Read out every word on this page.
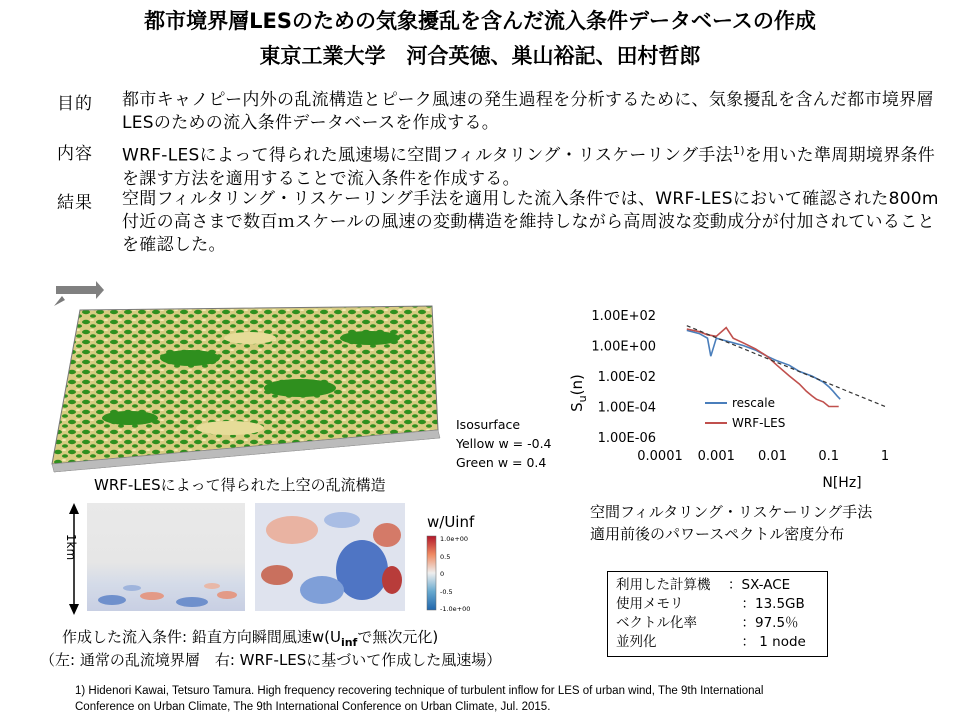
都市境界層LESのための気象擾乱を含んだ流入条件データベースの作成
東京工業大学　河合英徳、巣山裕記、田村哲郎
目的 都市キャノピー内外の乱流構造とピーク風速の発生過程を分析するために、気象擾乱を含んだ都市境界層LESのための流入条件データベースを作成する。
内容 WRF-LESによって得られた風速場に空間フィルタリング・リスケーリング手法$^{1)}$を用いた準周期境界条件を課す方法を適用することで流入条件を作成する。
結果 空間フィルタリング・リスケーリング手法を適用した流入条件では、WRF-LESにおいて確認された800m付近の高さまで数百ｍスケールの風速の変動構造を維持しながら高周波な変動成分が付加されていることを確認した。
Isosurface
Yellow w = -0.4
Green w = 0.4
WRF-LESによって得られた上空の乱流構造
1.00E+02
1.00E+00
1.00E-02
1.00E-04
1.00E-06
0.0001 0.001 0.01 0.1	1
$S_u(n)$
N[Hz]
rescale
WRF-LES
空間フィルタリング・リスケーリング手法
適用前後のパワースペクトル密度分布
1km
w/Uinf
1.0e+00
0.5
0
-0.5
-1.0e+00
作成した流入条件: 鉛直方向瞬間風速$w(U_{inf}$で無次元化)
（左: 通常の乱流境界層　右: WRF-LESに基づいて作成した風速場）
利用した計算機	：SX-ACE
使用メモリ	　：13.5GB
ベクトル化率	　：97.5％
並列化	　： 1 node
1) Hidenori Kawai, Tetsuro Tamura. High frequency recovering technique of turbulent inflow for LES of urban wind, The 9th International Conference on Urban Climate, The 9th International Conference on Urban Climate, Jul. 2015.
